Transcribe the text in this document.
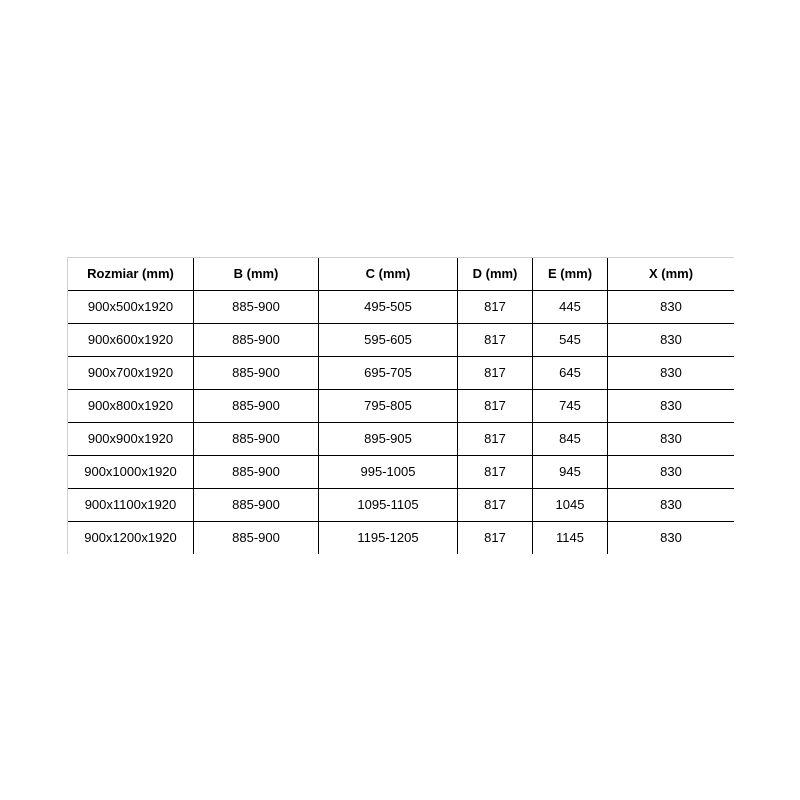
Rozmiar (mm)	B (mm)	C (mm)	D (mm)	E (mm)	X (mm)
900x500x1920	885-900	495-505	817	445	830
900x600x1920	885-900	595-605	817	545	830
900x700x1920	885-900	695-705	817	645	830
900x800x1920	885-900	795-805	817	745	830
900x900x1920	885-900	895-905	817	845	830
900x1000x1920	885-900	995-1005	817	945	830
900x1100x1920	885-900	1095-1105	817	1045	830
900x1200x1920	885-900	1195-1205	817	1145	830
